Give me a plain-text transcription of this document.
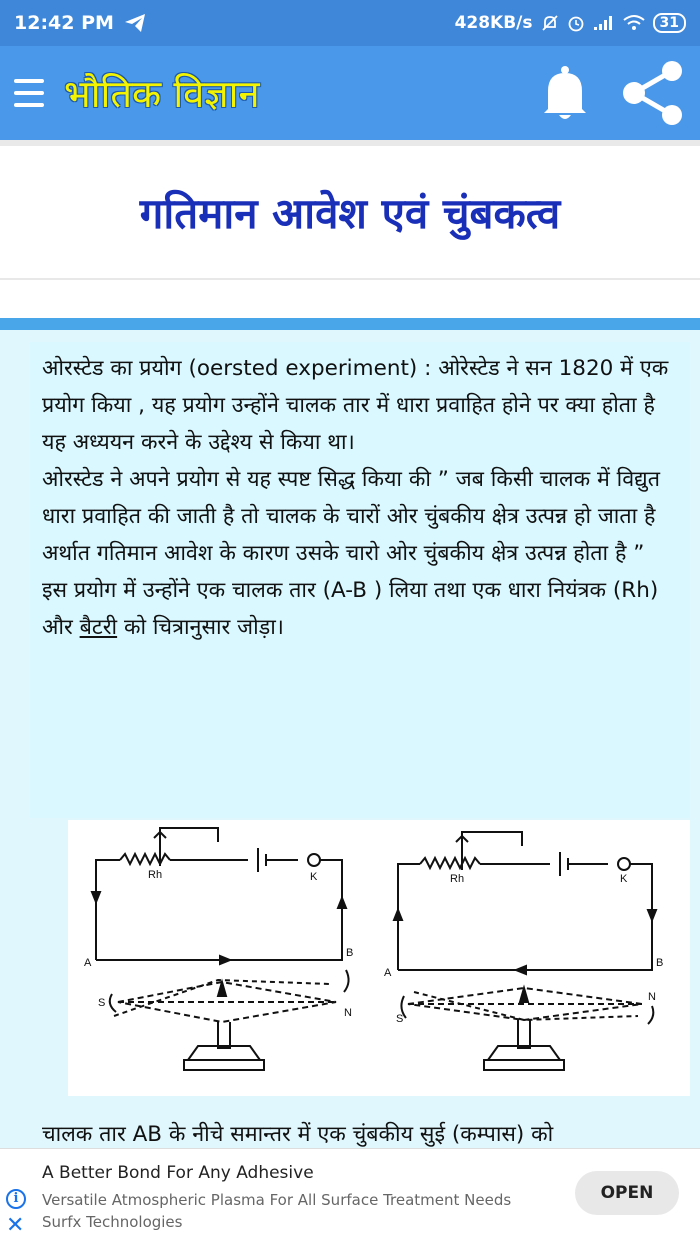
12:42 PM	428KB/s	31
भौतिक विज्ञान
गतिमान आवेश एवं चुंबकत्व

ओरस्टेड का प्रयोग (oersted experiment) : ओरेस्टेड ने सन 1820 में एक प्रयोग किया , यह प्रयोग उन्होंने चालक तार में धारा प्रवाहित होने पर क्या होता है यह अध्ययन करने के उद्देश्य से किया था।

ओरस्टेड ने अपने प्रयोग से यह स्पष्ट सिद्ध किया की ” जब किसी चालक में विद्युत धारा प्रवाहित की जाती है तो चालक के चारों ओर चुंबकीय क्षेत्र उत्पन्न हो जाता है अर्थात गतिमान आवेश के कारण उसके चारो ओर चुंबकीय क्षेत्र उत्पन्न होता है ”

इस प्रयोग में उन्होंने एक चालक तार (A-B ) लिया तथा एक धारा नियंत्रक (Rh) और बैटरी को चित्रानुसार जोड़ा।

Rh	K
A
B
S
N
Rh	K
A
B
S
N

चालक तार AB के नीचे समान्तर में एक चुंबकीय सुई (कम्पास) को

A Better Bond For Any Adhesive
Versatile Atmospheric Plasma For All Surface Treatment Needs Surfx Technologies
i
✕
OPEN
